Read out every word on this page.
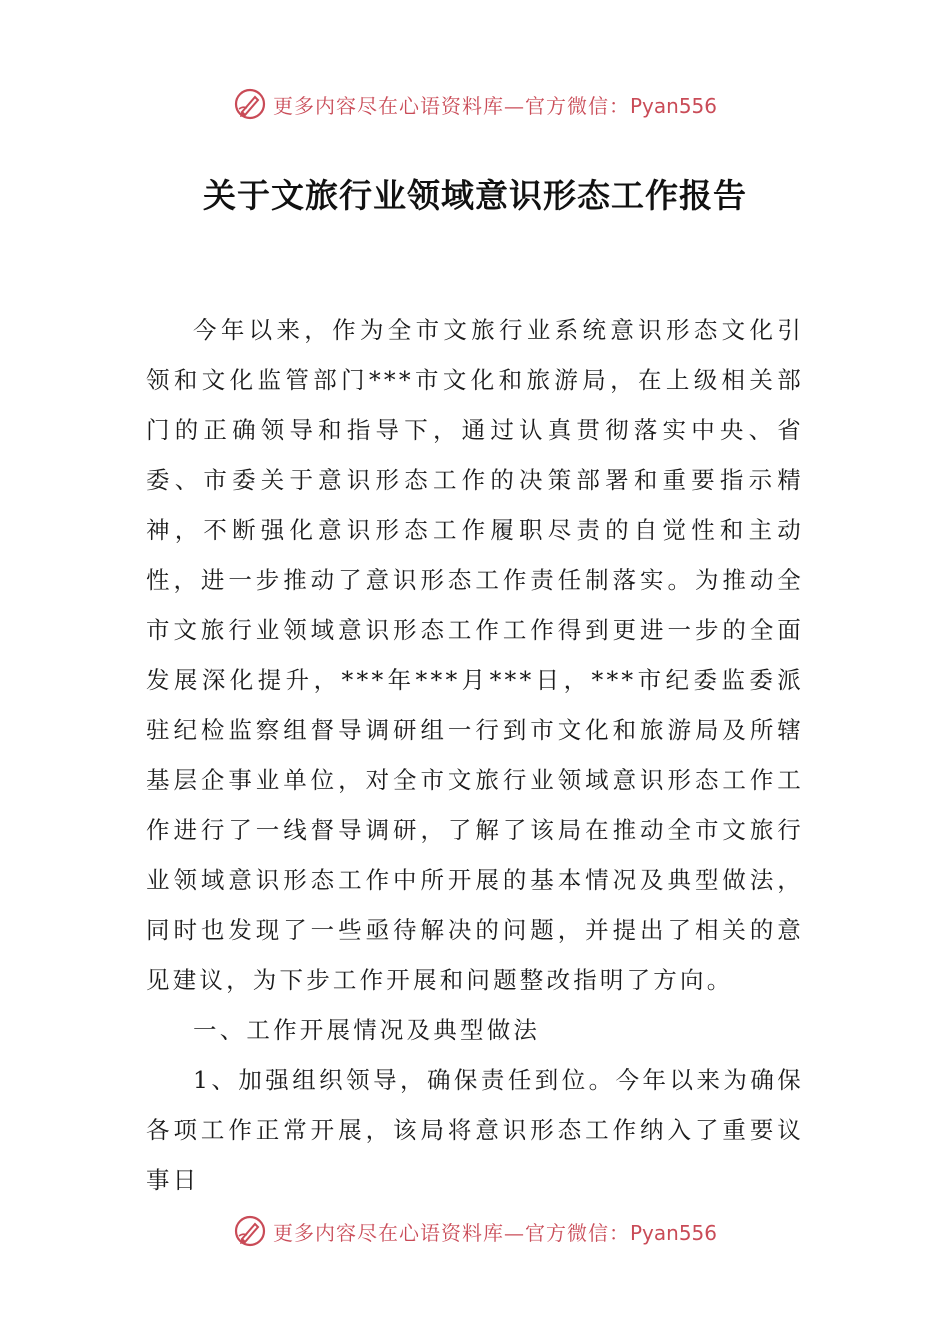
更多内容尽在心语资料库—官方微信：Pyan556
关于文旅行业领域意识形态工作报告

今年以来，作为全市文旅行业系统意识形态文化引领和文化监管部门***市文化和旅游局，在上级相关部门的正确领导和指导下，通过认真贯彻落实中央、省委、市委关于意识形态工作的决策部署和重要指示精神，不断强化意识形态工作履职尽责的自觉性和主动性，进一步推动了意识形态工作责任制落实。为推动全市文旅行业领域意识形态工作工作得到更进一步的全面发展深化提升，***年***月***日，***市纪委监委派驻纪检监察组督导调研组一行到市文化和旅游局及所辖基层企事业单位，对全市文旅行业领域意识形态工作工作进行了一线督导调研，了解了该局在推动全市文旅行业领域意识形态工作中所开展的基本情况及典型做法，同时也发现了一些亟待解决的问题，并提出了相关的意见建议，为下步工作开展和问题整改指明了方向。

一、工作开展情况及典型做法

1、加强组织领导，确保责任到位。今年以来为确保各项工作正常开展，该局将意识形态工作纳入了重要议事日

更多内容尽在心语资料库—官方微信：Pyan556
